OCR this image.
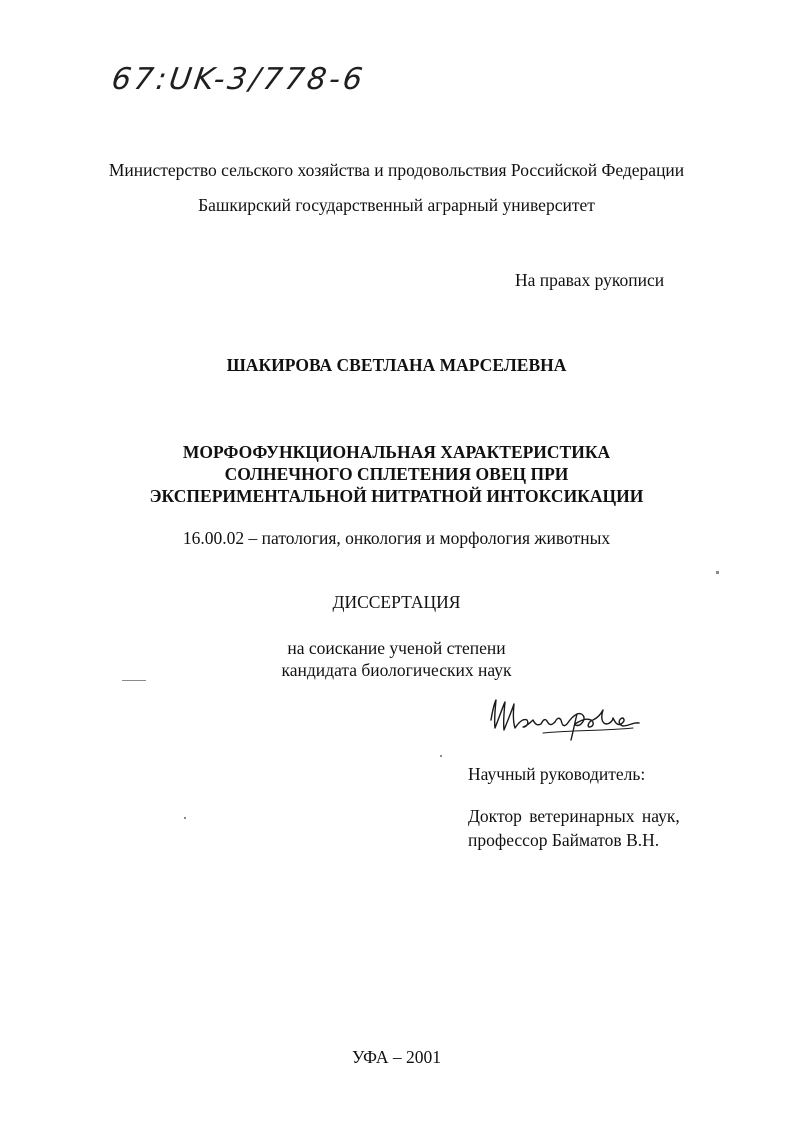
67:UK-3/778-6
Министерство сельского хозяйства и продовольствия Российской Федерации
Башкирский государственный аграрный университет
На правах рукописи
ШАКИРОВА СВЕТЛАНА МАРСЕЛЕВНА
МОРФОФУНКЦИОНАЛЬНАЯ ХАРАКТЕРИСТИКА
СОЛНЕЧНОГО СПЛЕТЕНИЯ ОВЕЦ ПРИ
ЭКСПЕРИМЕНТАЛЬНОЙ НИТРАТНОЙ ИНТОКСИКАЦИИ
16.00.02 – патология, онкология и морфология животных
ДИССЕРТАЦИЯ
на соискание ученой степени
кандидата биологических наук
Научный руководитель:
Доктор ветеринарных наук,
профессор Байматов В.Н.
УФА – 2001
